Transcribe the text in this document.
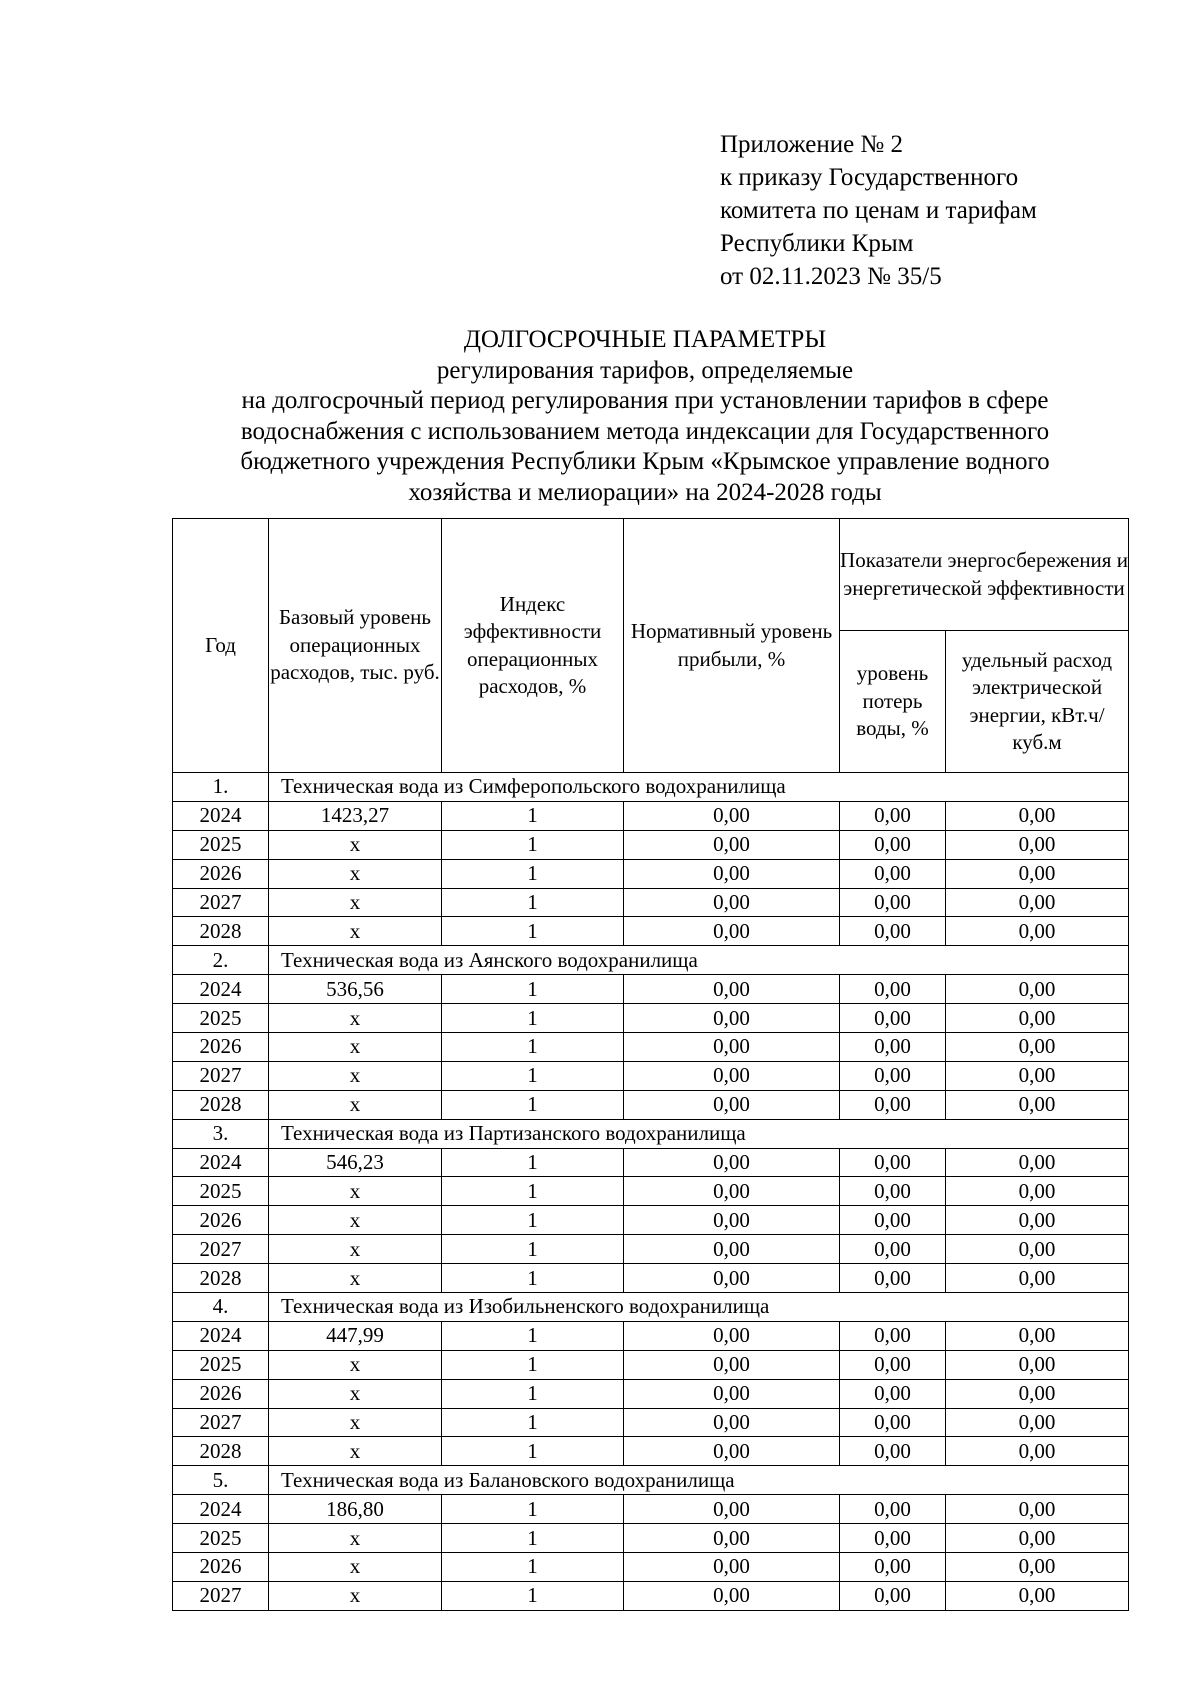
Приложение № 2
к приказу Государственного
комитета по ценам и тарифам
Республики Крым
от 02.11.2023 № 35/5
ДОЛГОСРОЧНЫЕ ПАРАМЕТРЫ
регулирования тарифов, определяемые
на долгосрочный период регулирования при установлении тарифов в сфере
водоснабжения с использованием метода индексации для Государственного
бюджетного учреждения Республики Крым «Крымское управление водного
хозяйства и мелиорации» на 2024-2028 годы
Год	Базовый уровень операционных расходов, тыс. руб.	Индекс эффективности операционных расходов, %	Нормативный уровень прибыли, %	Показатели энергосбережения и энергетической эффективности	
				уровень потерь воды, %	удельный расход электрической энергии, кВт.ч/куб.м
1.	Техническая вода из Симферопольского водохранилища				
2024	1423,27	1	0,00	0,00	0,00
2025	х	1	0,00	0,00	0,00
2026	х	1	0,00	0,00	0,00
2027	х	1	0,00	0,00	0,00
2028	х	1	0,00	0,00	0,00
2.	Техническая вода из Аянского водохранилища				
2024	536,56	1	0,00	0,00	0,00
2025	х	1	0,00	0,00	0,00
2026	х	1	0,00	0,00	0,00
2027	х	1	0,00	0,00	0,00
2028	х	1	0,00	0,00	0,00
3.	Техническая вода из Партизанского водохранилища				
2024	546,23	1	0,00	0,00	0,00
2025	х	1	0,00	0,00	0,00
2026	х	1	0,00	0,00	0,00
2027	х	1	0,00	0,00	0,00
2028	х	1	0,00	0,00	0,00
4.	Техническая вода из Изобильненского водохранилища				
2024	447,99	1	0,00	0,00	0,00
2025	х	1	0,00	0,00	0,00
2026	х	1	0,00	0,00	0,00
2027	х	1	0,00	0,00	0,00
2028	х	1	0,00	0,00	0,00
5.	Техническая вода из Балановского водохранилища				
2024	186,80	1	0,00	0,00	0,00
2025	х	1	0,00	0,00	0,00
2026	х	1	0,00	0,00	0,00
2027	х	1	0,00	0,00	0,00
